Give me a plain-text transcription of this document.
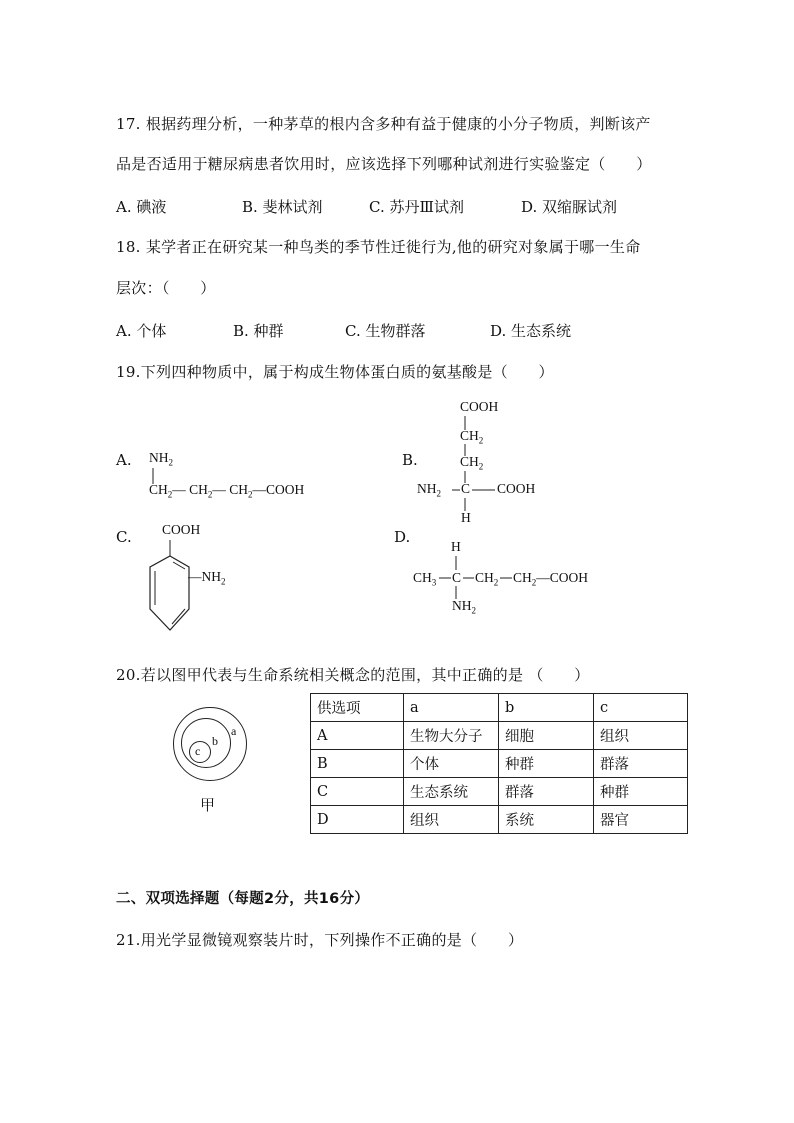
17. 根据药理分析，一种茅草的根内含多种有益于健康的小分子物质，判断该产
品是否适用于糖尿病患者饮用时，应该选择下列哪种试剂进行实验鉴定（　　）
A. 碘液	B. 斐林试剂	C. 苏丹Ⅲ试剂	D. 双缩脲试剂
18. 某学者正在研究某一种鸟类的季节性迁徙行为,他的研究对象属于哪一生命
层次：（　　）
A. 个体	B. 种群	C. 生物群落	D. 生态系统
19.下列四种物质中，属于构成生物体蛋白质的氨基酸是（　　）
A. $NH_2$
$CH_2—$ $CH_2—$ $CH_2—COOH$
B.
COOH
$CH_2$
$CH_2$
$NH_2$ C COOH
H
C. COOH
$—NH_2$
D.
H
$CH_3$ C $CH_2$ $CH_2—COOH$
$NH_2$
20.若以图甲代表与生命系统相关概念的范围，其中正确的是 （　　）
a
b
c
甲
供选项	a	b	c
A	生物大分子	细胞	组织
B	个体	种群	群落
C	生态系统	群落	种群
D	组织	系统	器官
二、双项选择题（每题2分，共16分）
21.用光学显微镜观察装片时，下列操作不正确的是（　　）
